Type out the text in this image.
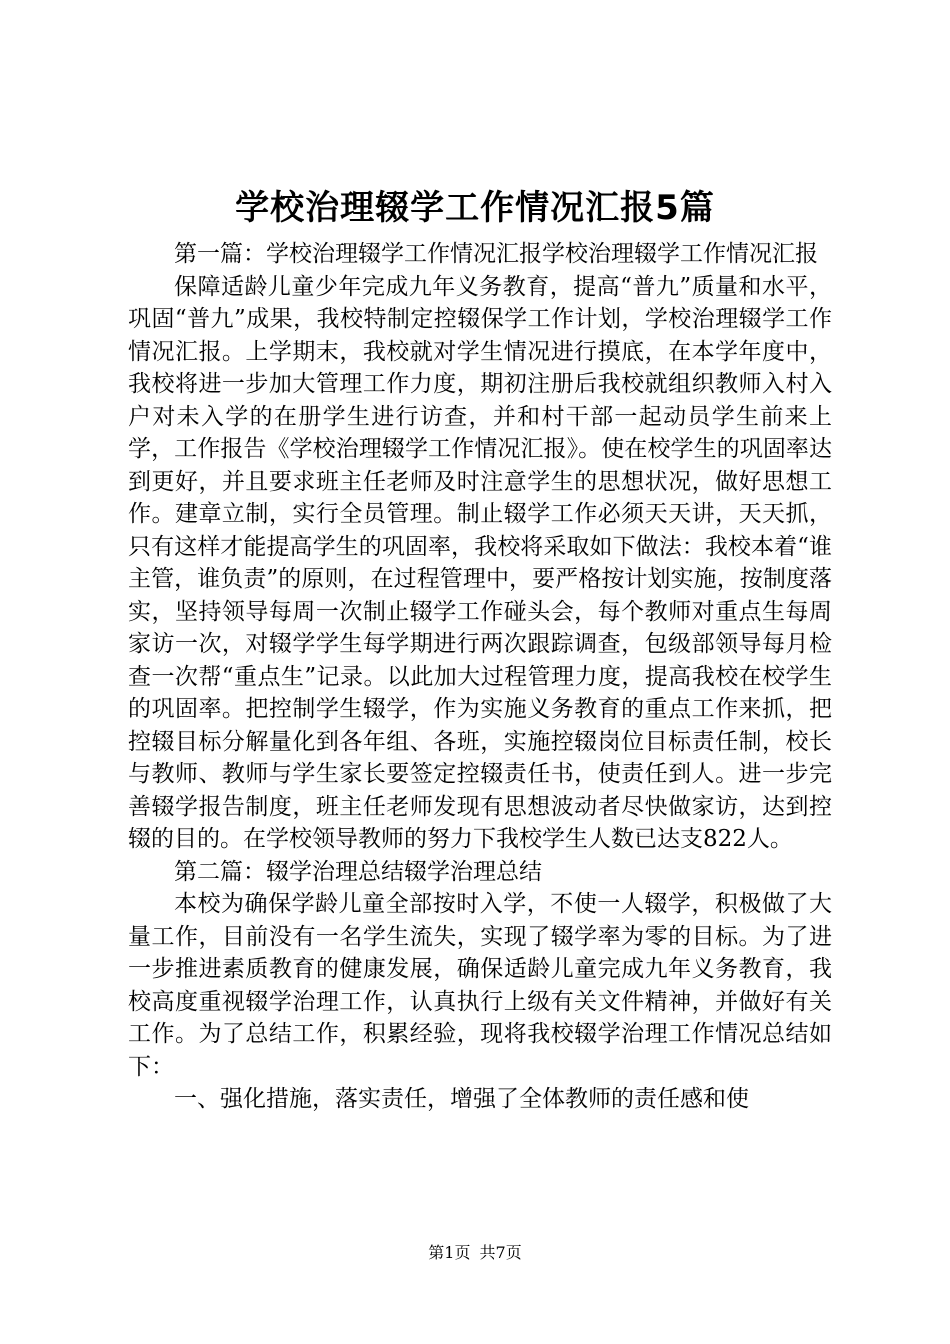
学校治理辍学工作情况汇报5篇

第一篇：学校治理辍学工作情况汇报学校治理辍学工作情况汇报

保障适龄儿童少年完成九年义务教育，提高“普九”质量和水平，巩固“普九”成果，我校特制定控辍保学工作计划，学校治理辍学工作情况汇报。上学期末，我校就对学生情况进行摸底，在本学年度中，我校将进一步加大管理工作力度，期初注册后我校就组织教师入村入户对未入学的在册学生进行访查，并和村干部一起动员学生前来上学，工作报告《学校治理辍学工作情况汇报》。使在校学生的巩固率达到更好，并且要求班主任老师及时注意学生的思想状况，做好思想工作。建章立制，实行全员管理。制止辍学工作必须天天讲，天天抓，只有这样才能提高学生的巩固率，我校将采取如下做法：我校本着“谁主管，谁负责”的原则，在过程管理中，要严格按计划实施，按制度落实，坚持领导每周一次制止辍学工作碰头会，每个教师对重点生每周家访一次，对辍学学生每学期进行两次跟踪调查，包级部领导每月检查一次帮“重点生”记录。以此加大过程管理力度，提高我校在校学生的巩固率。把控制学生辍学，作为实施义务教育的重点工作来抓，把控辍目标分解量化到各年组、各班，实施控辍岗位目标责任制，校长与教师、教师与学生家长要签定控辍责任书，使责任到人。进一步完善辍学报告制度，班主任老师发现有思想波动者尽快做家访，达到控辍的目的。在学校领导教师的努力下我校学生人数已达支822人。

第二篇：辍学治理总结辍学治理总结

本校为确保学龄儿童全部按时入学，不使一人辍学，积极做了大量工作，目前没有一名学生流失，实现了辍学率为零的目标。为了进一步推进素质教育的健康发展，确保适龄儿童完成九年义务教育，我校高度重视辍学治理工作，认真执行上级有关文件精神，并做好有关工作。为了总结工作，积累经验，现将我校辍学治理工作情况总结如下：

一、强化措施，落实责任，增强了全体教师的责任感和使

第1页 共7页
